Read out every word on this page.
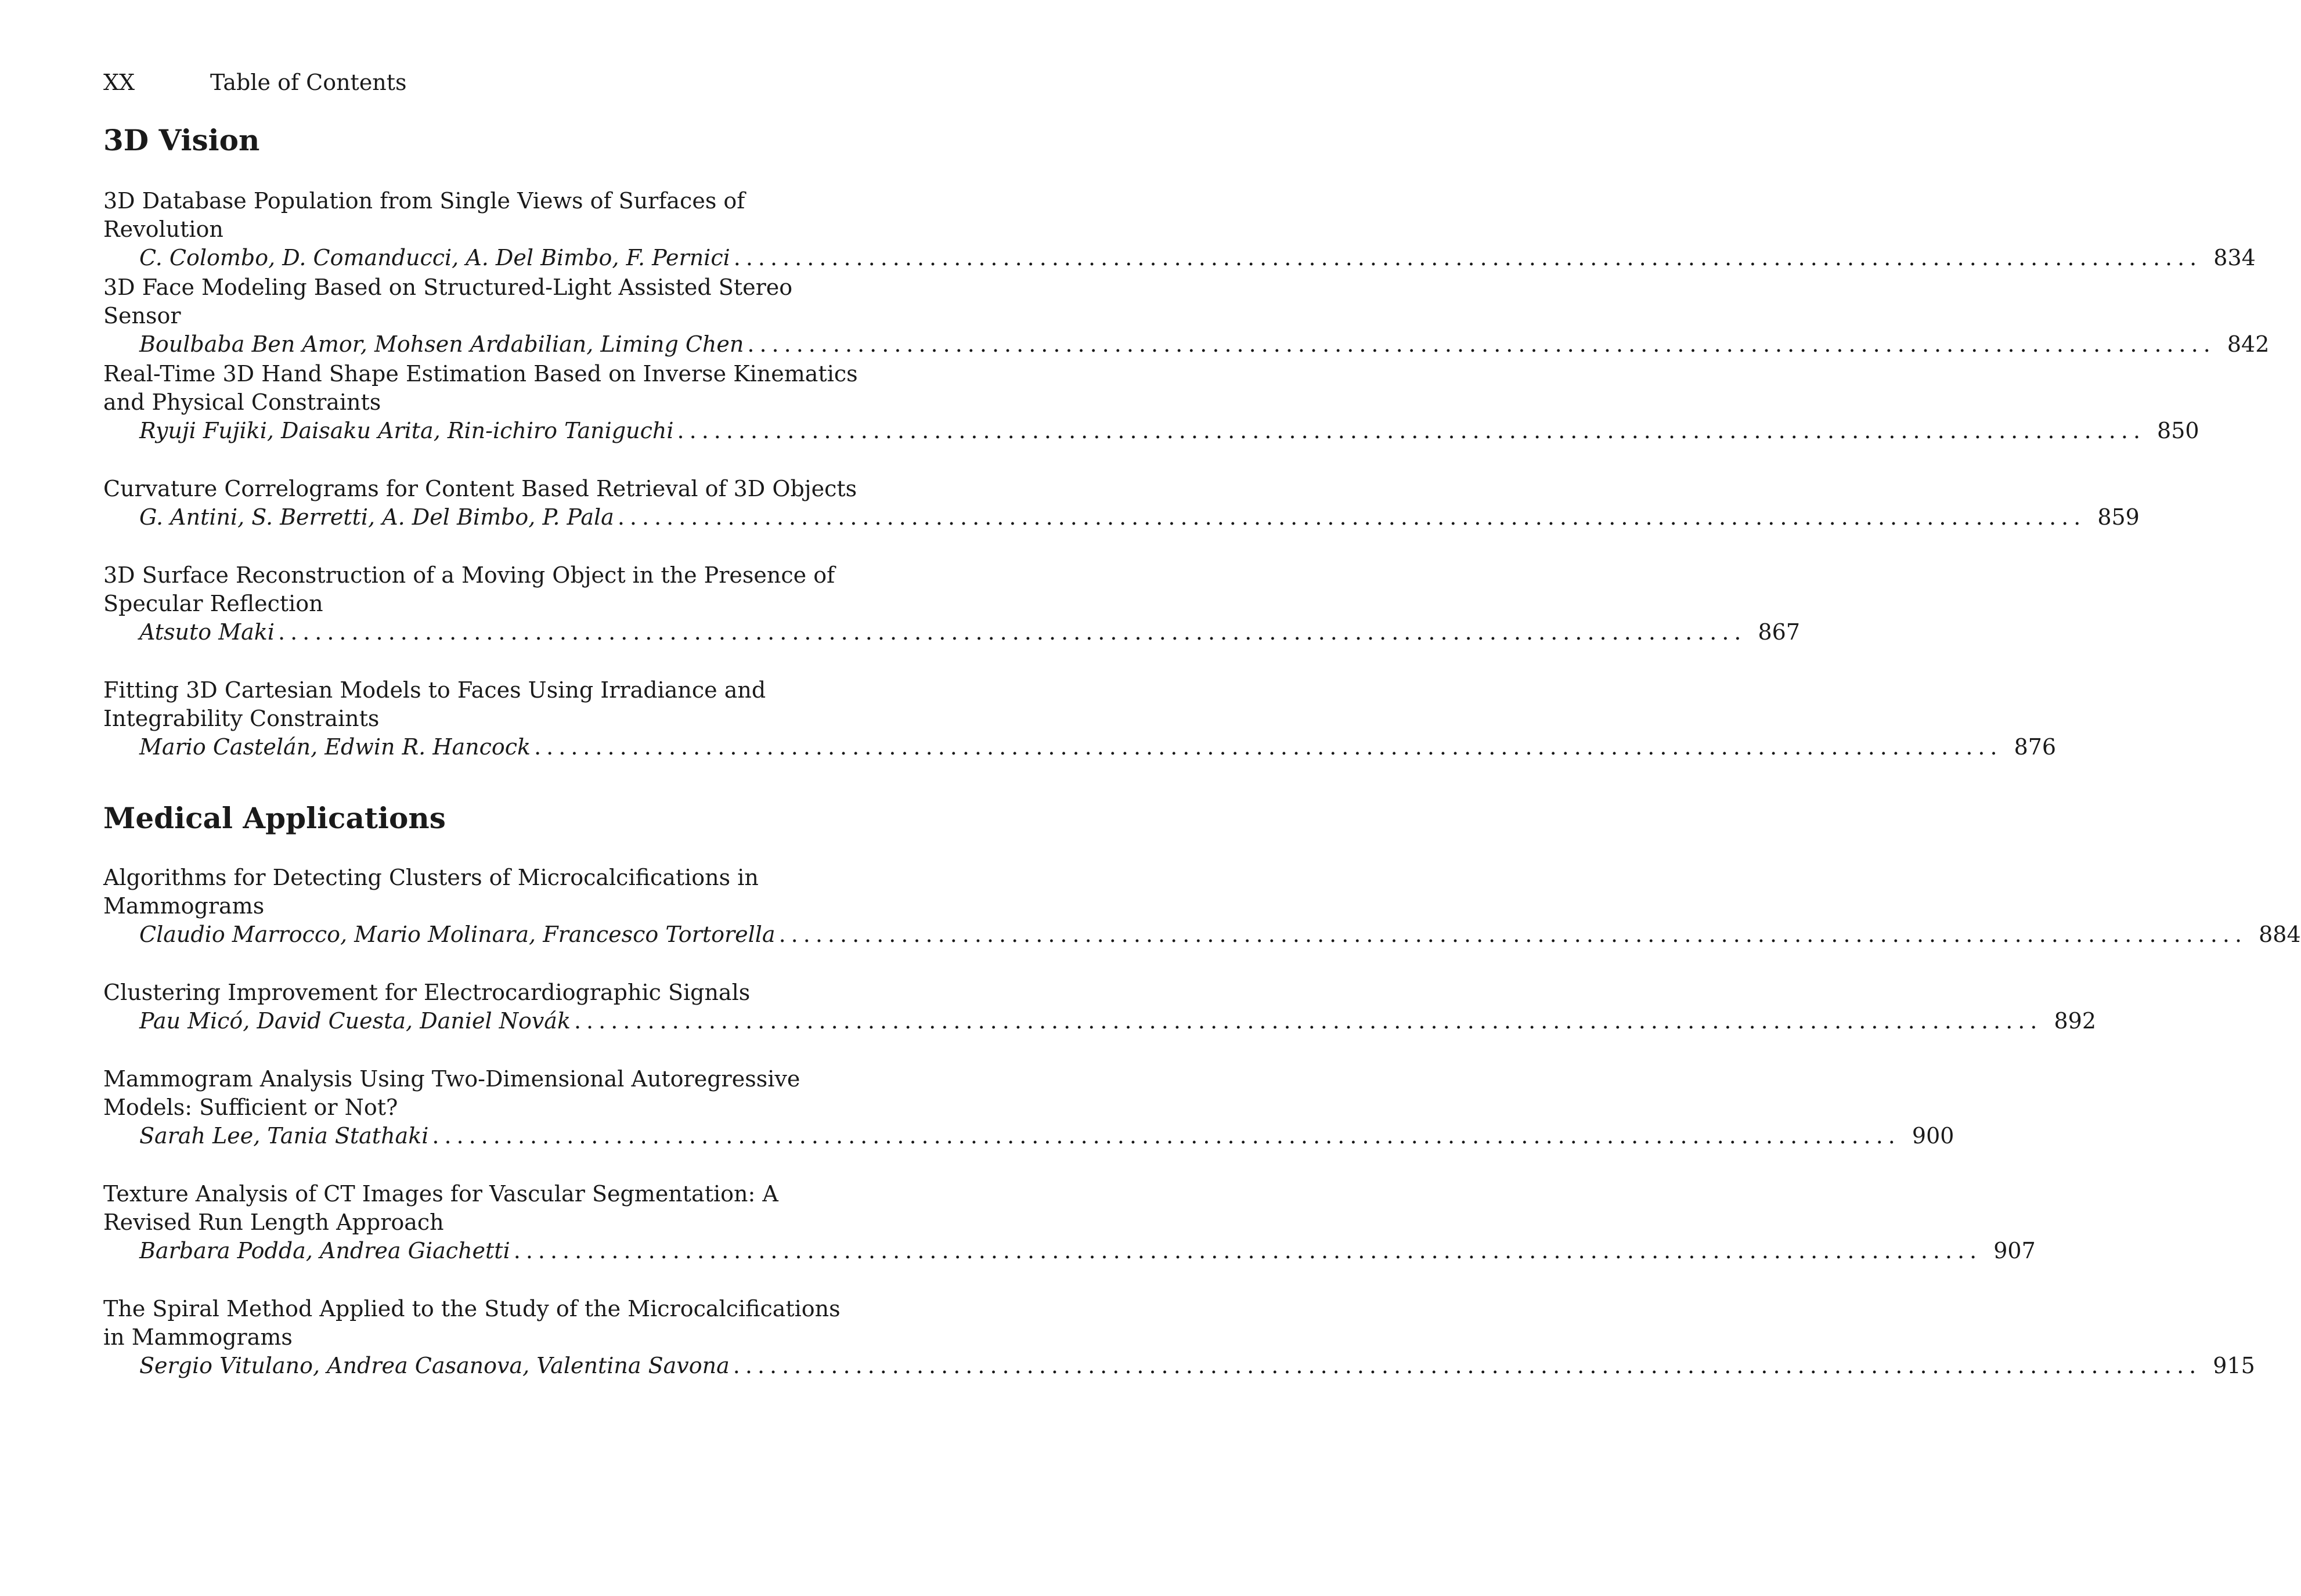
XX	Table of Contents
3D Vision
3D Database Population from Single Views of Surfaces of Revolution
C. Colombo, D. Comanducci, A. Del Bimbo, F. Pernici ........................................................................................................................ 834
3D Face Modeling Based on Structured-Light Assisted Stereo Sensor
Boulbaba Ben Amor, Mohsen Ardabilian, Liming Chen ........................................................................................................................ 842
Real-Time 3D Hand Shape Estimation Based on Inverse Kinematics and Physical Constraints
Ryuji Fujiki, Daisaku Arita, Rin-ichiro Taniguchi ........................................................................................................................ 850
Curvature Correlograms for Content Based Retrieval of 3D Objects
G. Antini, S. Berretti, A. Del Bimbo, P. Pala ........................................................................................................................ 859
3D Surface Reconstruction of a Moving Object in the Presence of Specular Reflection
Atsuto Maki ........................................................................................................................ 867
Fitting 3D Cartesian Models to Faces Using Irradiance and Integrability Constraints
Mario Castelán, Edwin R. Hancock ........................................................................................................................ 876
Medical Applications
Algorithms for Detecting Clusters of Microcalcifications in Mammograms
Claudio Marrocco, Mario Molinara, Francesco Tortorella ........................................................................................................................ 884
Clustering Improvement for Electrocardiographic Signals
Pau Micó, David Cuesta, Daniel Novák ........................................................................................................................ 892
Mammogram Analysis Using Two-Dimensional Autoregressive Models: Sufficient or Not?
Sarah Lee, Tania Stathaki ........................................................................................................................ 900
Texture Analysis of CT Images for Vascular Segmentation: A Revised Run Length Approach
Barbara Podda, Andrea Giachetti ........................................................................................................................ 907
The Spiral Method Applied to the Study of the Microcalcifications in Mammograms
Sergio Vitulano, Andrea Casanova, Valentina Savona ........................................................................................................................ 915
